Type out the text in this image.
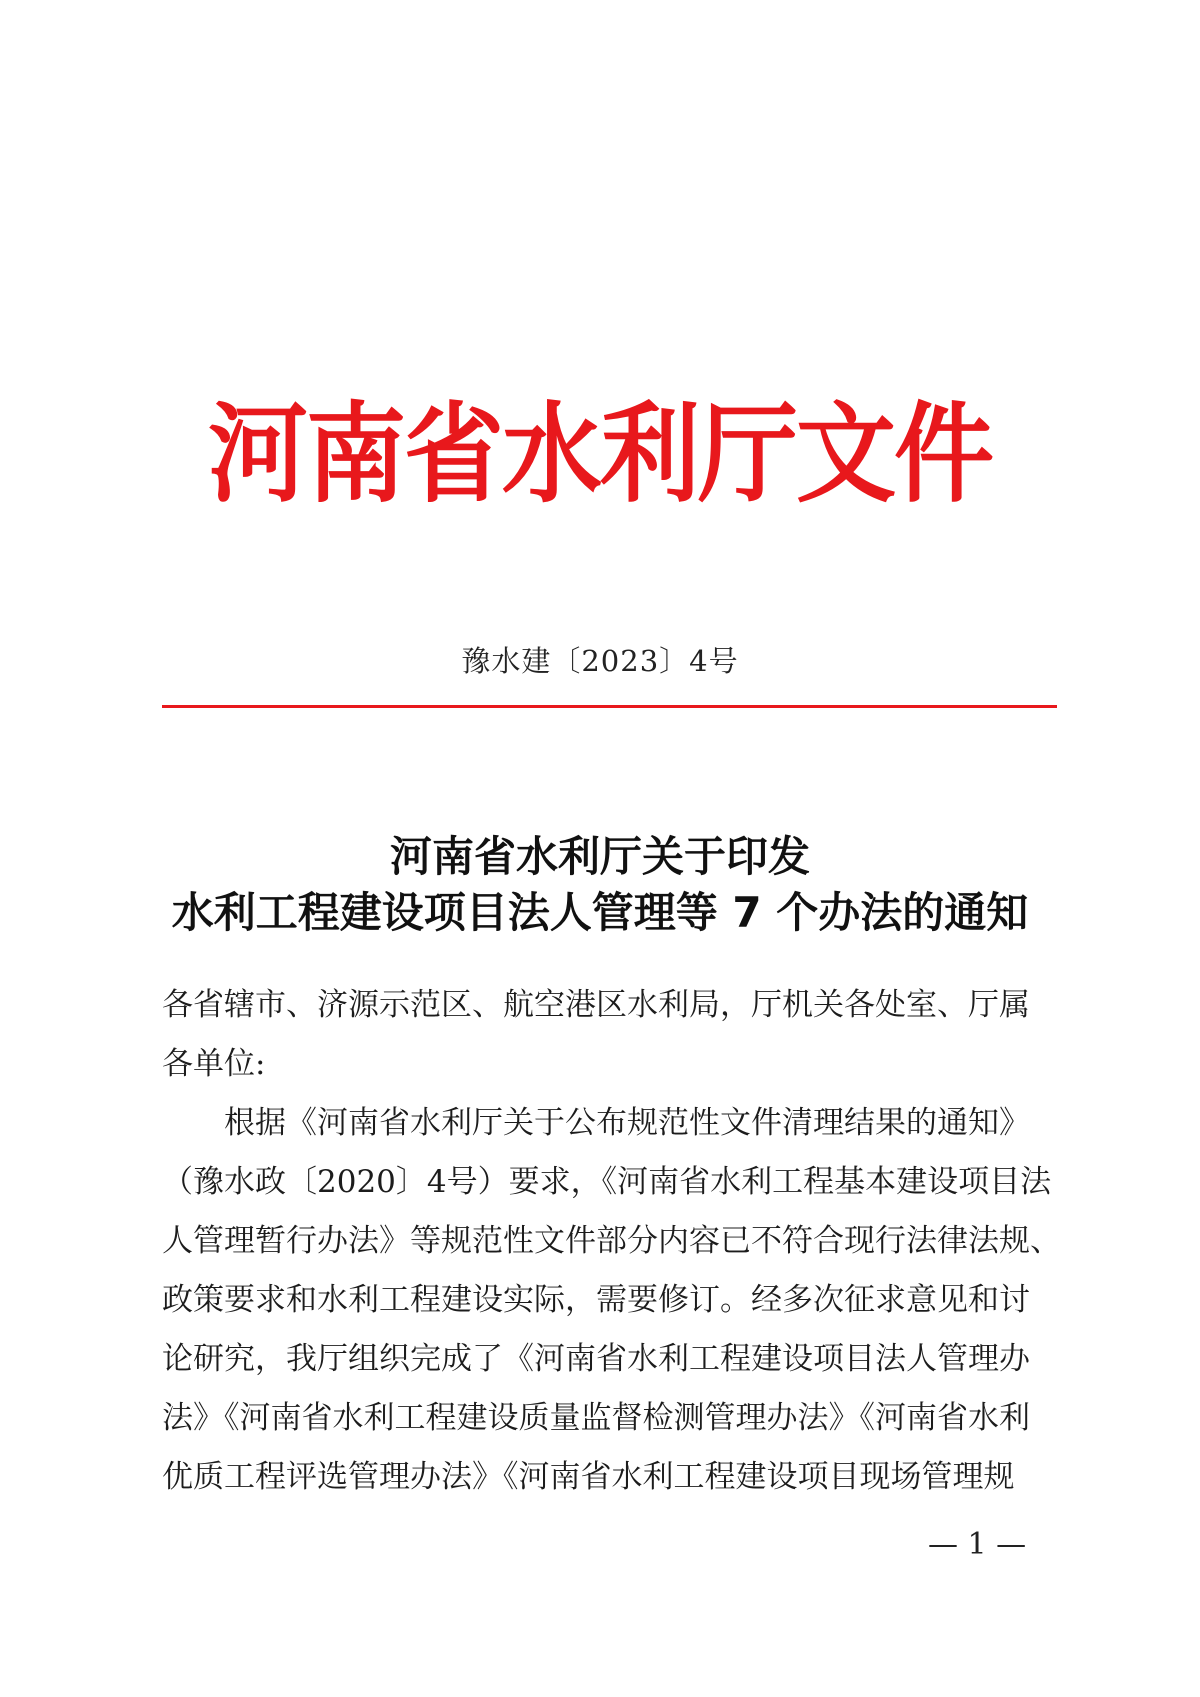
河南省水利厅文件
豫水建〔2023〕4号
河南省水利厅关于印发
水利工程建设项目法人管理等 7 个办法的通知
各省辖市、济源示范区、航空港区水利局，厅机关各处室、厅属
各单位:
　　根据《河南省水利厅关于公布规范性文件清理结果的通知》
（豫水政〔2020〕4号）要求，《河南省水利工程基本建设项目法
人管理暂行办法》等规范性文件部分内容已不符合现行法律法规、
政策要求和水利工程建设实际，需要修订。经多次征求意见和讨
论研究，我厅组织完成了《河南省水利工程建设项目法人管理办
法》《河南省水利工程建设质量监督检测管理办法》《河南省水利
优质工程评选管理办法》《河南省水利工程建设项目现场管理规
— 1 —
